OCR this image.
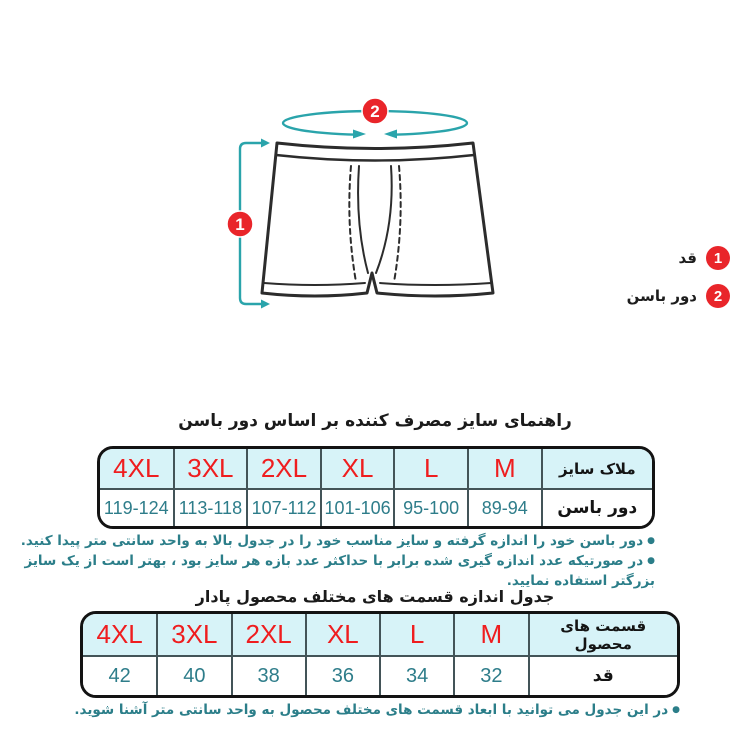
1
2
1
قد
2
دور باسن
راهنمای سایز مصرف کننده بر اساس دور باسن
4XL	3XL	2XL	XL	L	M	ملاک سایز
119-124	113-118	107-112	101-106	95-100	89-94	دور باسن
●دور باسن خود را اندازه گرفته و سایز مناسب خود را در جدول بالا به واحد سانتی متر پیدا کنید.
●در صورتیکه عدد اندازه گیری شده برابر با حداکثر عدد بازه هر سایز بود ، بهتر است از یک سایز بزرگتر استفاده نمایید.
جدول اندازه قسمت های مختلف محصول پادار
4XL	3XL	2XL	XL	L	M	قسمت های محصول
42	40	38	36	34	32	قد
●در این جدول می توانید با ابعاد قسمت های مختلف محصول به واحد سانتی متر آشنا شوید.
